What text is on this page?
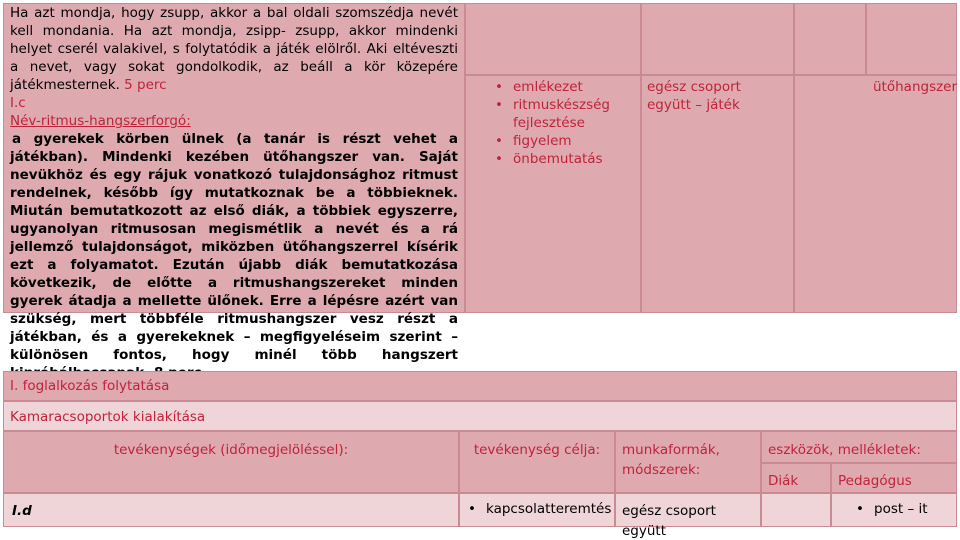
Ha azt mondja, hogy zsupp, akkor a bal oldali szomszédja nevét kell mondania. Ha azt mondja, zsipp- zsupp, akkor mindenki helyet cserél valakivel, s folytatódik a játék elölről. Aki eltéveszti a nevet, vagy sokat gondolkodik, az beáll a kör közepére játékmesternek. 5 perc

I.c
Név-ritmus-hangszerforgó:

a gyerekek körben ülnek (a tanár is részt vehet a játékban). Mindenki kezében ütőhangszer van. Saját nevükhöz és egy rájuk vonatkozó tulajdonsághoz ritmust rendelnek, később így mutatkoznak be a többieknek. Miután bemutatkozott az első diák, a többiek egyszerre, ugyanolyan ritmusosan megismétlik a nevét és a rá jellemző tulajdonságot, miközben ütőhangszerrel kísérik ezt a folyamatot. Ezután újabb diák bemutatkozása következik, de előtte a ritmushangszereket minden gyerek átadja a mellette ülőnek. Erre a lépésre azért van szükség, mert többféle ritmushangszer vesz részt a játékban, és a gyerekeknek – megfigyeléseim szerint – különösen fontos, hogy minél több hangszert

• emlékezet
• ritmuskészség fejlesztése
• figyelem
• önbemutatás
egész csoport együtt – játék
ütőhangszer
I. foglalkozás folytatása
Kamaracsoportok kialakítása
tevékenységek (időmegjelöléssel):	tevékenység célja:	munkaformák, módszerek:
eszközök, mellékletek:
Diák	Pedagógus
I.d
•	kapcsolatteremtés egész csoport együtt
• post – it
